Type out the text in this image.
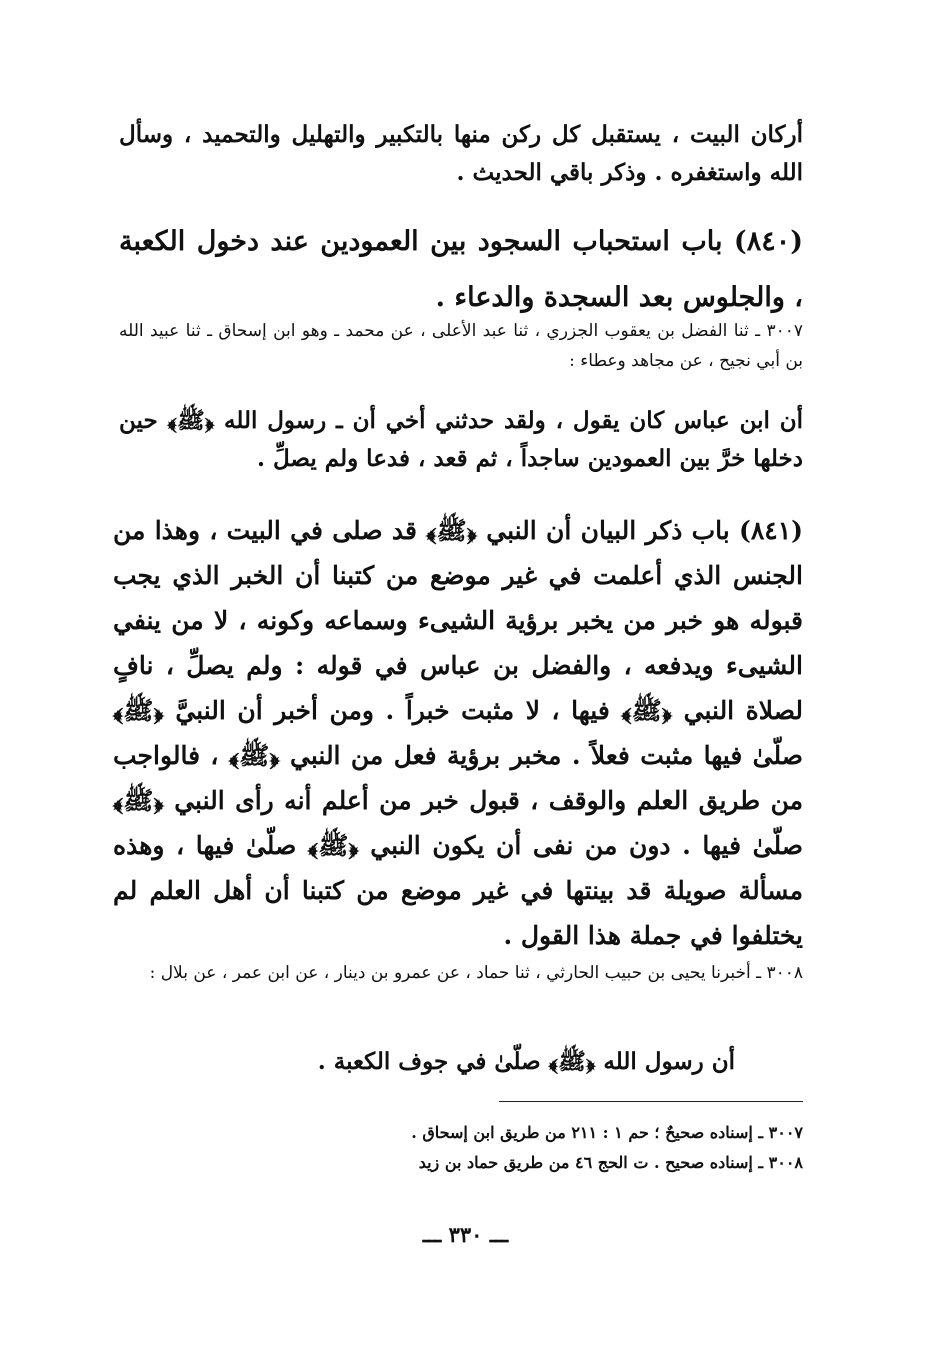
أركان البيت ، يستقبل كل ركن منها بالتكبير والتهليل والتحميد ، وسأل الله واستغفره . وذكر باقي الحديث .
(٨٤٠) باب استحباب السجود بين العمودين عند دخول الكعبة ، والجلوس بعد السجدة والدعاء .
٣٠٠٧ ـ ثنا الفضل بن يعقوب الجزري ، ثنا عبد الأعلى ، عن محمد ـ وهو ابن إسحاق ـ ثنا عبيد الله بن أبي نجيح ، عن مجاهد وعطاء :
أن ابن عباس كان يقول ، ولقد حدثني أخي أن ـ رسول الله ﴿ﷺ﴾ حين دخلها خرَّ بين العمودين ساجداً ، ثم قعد ، فدعا ولم يصلِّ .
(٨٤١) باب ذكر البيان أن النبي ﴿ﷺ﴾ قد صلى في البيت ، وهذا من الجنس الذي أعلمت في غير موضع من كتبنا أن الخبر الذي يجب قبوله هو خبر من يخبر برؤية الشيىء وسماعه وكونه ، لا من ينفي الشيىء ويدفعه ، والفضل بن عباس في قوله : ولم يصلِّ ، نافٍ لصلاة النبي ﴿ﷺ﴾ فيها ، لا مثبت خبراً . ومن أخبر أن النبيَّ ﴿ﷺ﴾ صلّىٰ فيها مثبت فعلاً . مخبر برؤية فعل من النبي ﴿ﷺ﴾ ، فالواجب من طريق العلم والوقف ، قبول خبر من أعلم أنه رأى النبي ﴿ﷺ﴾ صلّىٰ فيها . دون من نفى أن يكون النبي ﴿ﷺ﴾ صلّىٰ فيها ، وهذه مسألة صويلة قد بينتها في غير موضع من كتبنا أن أهل العلم لم يختلفوا في جملة هذا القول .
٣٠٠٨ ـ أخبرنا يحيى بن حبيب الحارثي ، ثنا حماد ، عن عمرو بن دينار ، عن ابن عمر ، عن بلال :
أن رسول الله ﴿ﷺ﴾ صلّىٰ في جوف الكعبة .
٣٠٠٧ ـ إسناده صحيحٌ ؛ حم ١ : ٢١١ من طريق ابن إسحاق .
٣٠٠٨ ـ إسناده صحيح . ت الحج ٤٦ من طريق حماد بن زيد
ـــ ٣٣٠ ـــ
